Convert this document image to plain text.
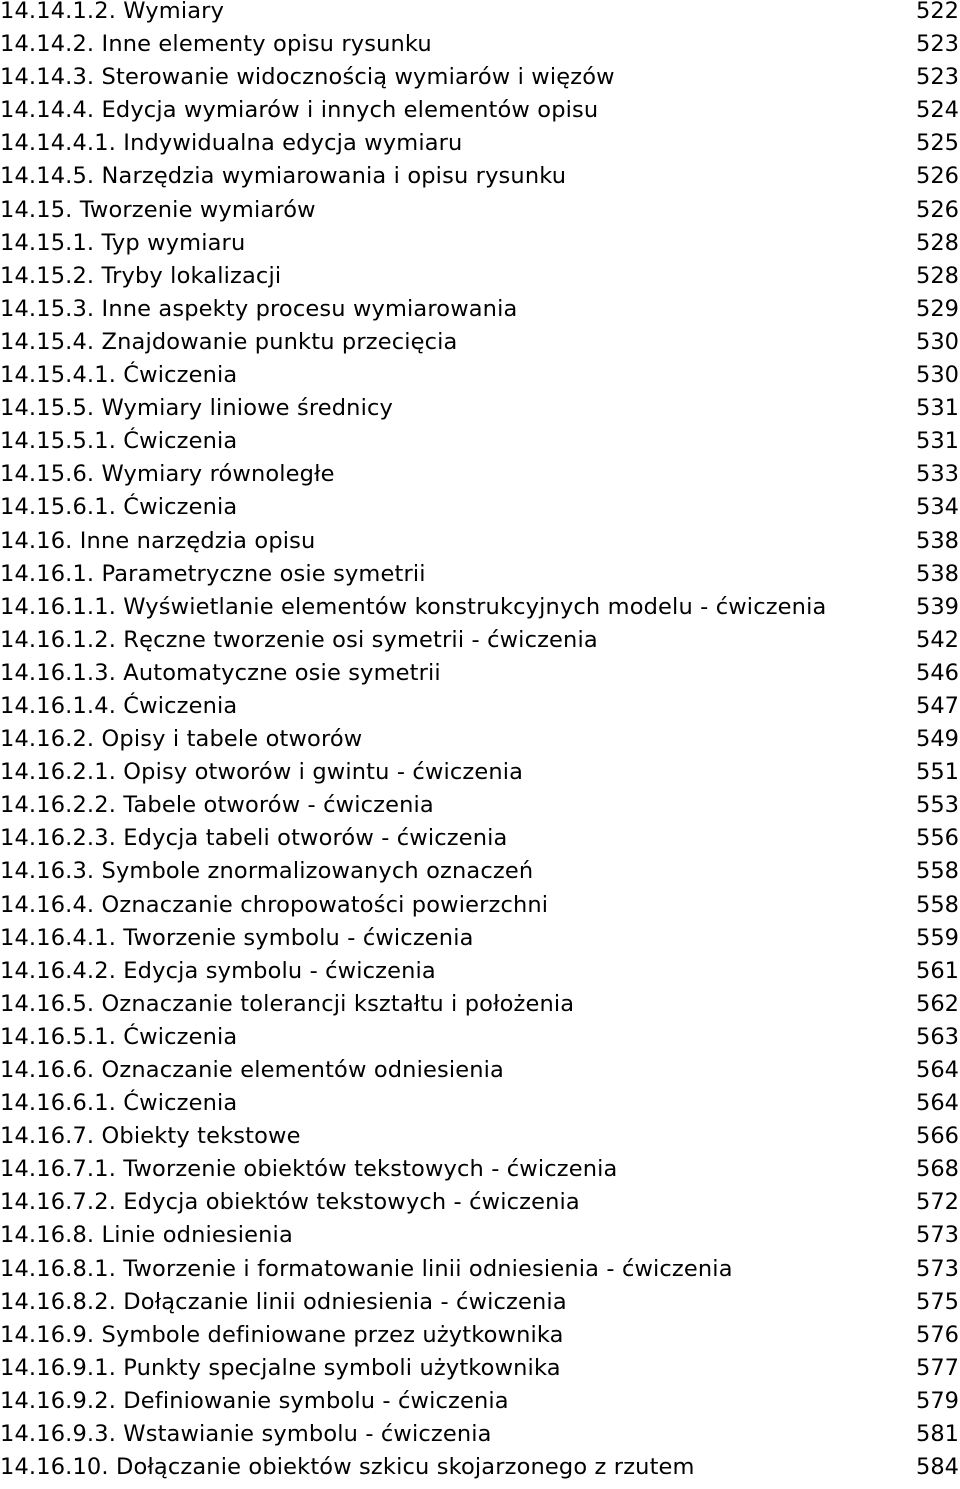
14.14.1.2. Wymiary	522
14.14.2. Inne elementy opisu rysunku	523
14.14.3. Sterowanie widocznością wymiarów i więzów	523
14.14.4. Edycja wymiarów i innych elementów opisu	524
14.14.4.1. Indywidualna edycja wymiaru	525
14.14.5. Narzędzia wymiarowania i opisu rysunku	526
14.15. Tworzenie wymiarów	526
14.15.1. Typ wymiaru	528
14.15.2. Tryby lokalizacji	528
14.15.3. Inne aspekty procesu wymiarowania	529
14.15.4. Znajdowanie punktu przecięcia	530
14.15.4.1. Ćwiczenia	530
14.15.5. Wymiary liniowe średnicy	531
14.15.5.1. Ćwiczenia	531
14.15.6. Wymiary równoległe	533
14.15.6.1. Ćwiczenia	534
14.16. Inne narzędzia opisu	538
14.16.1. Parametryczne osie symetrii	538
14.16.1.1. Wyświetlanie elementów konstrukcyjnych modelu - ćwiczenia	539
14.16.1.2. Ręczne tworzenie osi symetrii - ćwiczenia	542
14.16.1.3. Automatyczne osie symetrii	546
14.16.1.4. Ćwiczenia	547
14.16.2. Opisy i tabele otworów	549
14.16.2.1. Opisy otworów i gwintu - ćwiczenia	551
14.16.2.2. Tabele otworów - ćwiczenia	553
14.16.2.3. Edycja tabeli otworów - ćwiczenia	556
14.16.3. Symbole znormalizowanych oznaczeń	558
14.16.4. Oznaczanie chropowatości powierzchni	558
14.16.4.1. Tworzenie symbolu - ćwiczenia	559
14.16.4.2. Edycja symbolu - ćwiczenia	561
14.16.5. Oznaczanie tolerancji kształtu i położenia	562
14.16.5.1. Ćwiczenia	563
14.16.6. Oznaczanie elementów odniesienia	564
14.16.6.1. Ćwiczenia	564
14.16.7. Obiekty tekstowe	566
14.16.7.1. Tworzenie obiektów tekstowych - ćwiczenia	568
14.16.7.2. Edycja obiektów tekstowych - ćwiczenia	572
14.16.8. Linie odniesienia	573
14.16.8.1. Tworzenie i formatowanie linii odniesienia - ćwiczenia	573
14.16.8.2. Dołączanie linii odniesienia - ćwiczenia	575
14.16.9. Symbole definiowane przez użytkownika	576
14.16.9.1. Punkty specjalne symboli użytkownika	577
14.16.9.2. Definiowanie symbolu - ćwiczenia	579
14.16.9.3. Wstawianie symbolu - ćwiczenia	581
14.16.10. Dołączanie obiektów szkicu skojarzonego z rzutem	584
